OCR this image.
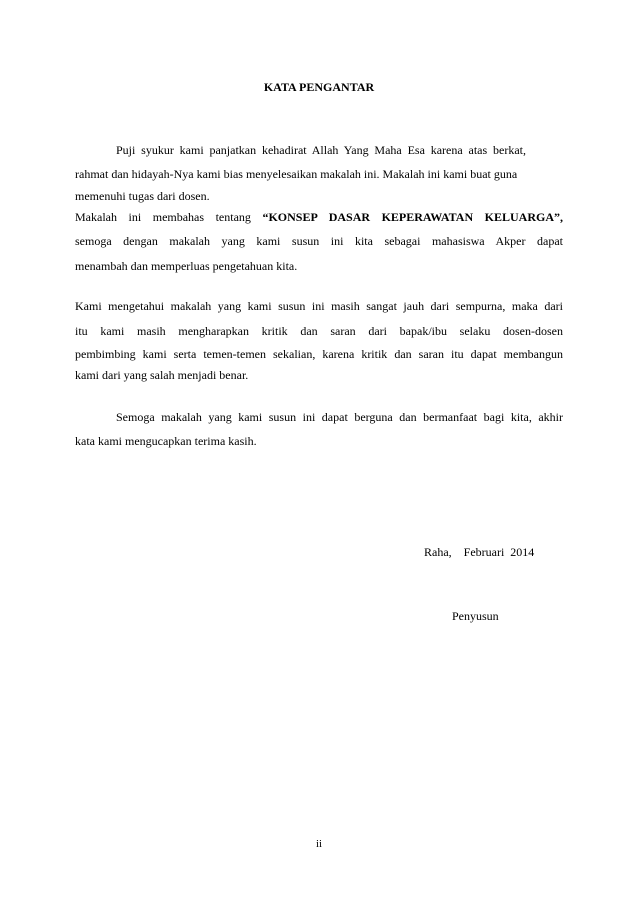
KATA PENGANTAR
Puji syukur kami panjatkan kehadirat Allah Yang Maha Esa karena atas berkat,
rahmat dan hidayah-Nya kami bias menyelesaikan makalah ini. Makalah ini kami buat guna
memenuhi tugas dari dosen.
Makalah ini membahas tentang “KONSEP DASAR KEPERAWATAN KELUARGA”,
semoga dengan makalah yang kami susun ini kita sebagai mahasiswa Akper dapat
menambah dan memperluas pengetahuan kita.
Kami mengetahui makalah yang kami susun ini masih sangat jauh dari sempurna, maka dari
itu kami masih mengharapkan kritik dan saran dari bapak/ibu selaku dosen-dosen
pembimbing kami serta temen-temen sekalian, karena kritik dan saran itu dapat membangun
kami dari yang salah menjadi benar.
Semoga makalah yang kami susun ini dapat berguna dan bermanfaat bagi kita, akhir
kata kami mengucapkan terima kasih.
Raha,    Februari  2014
Penyusun
ii
